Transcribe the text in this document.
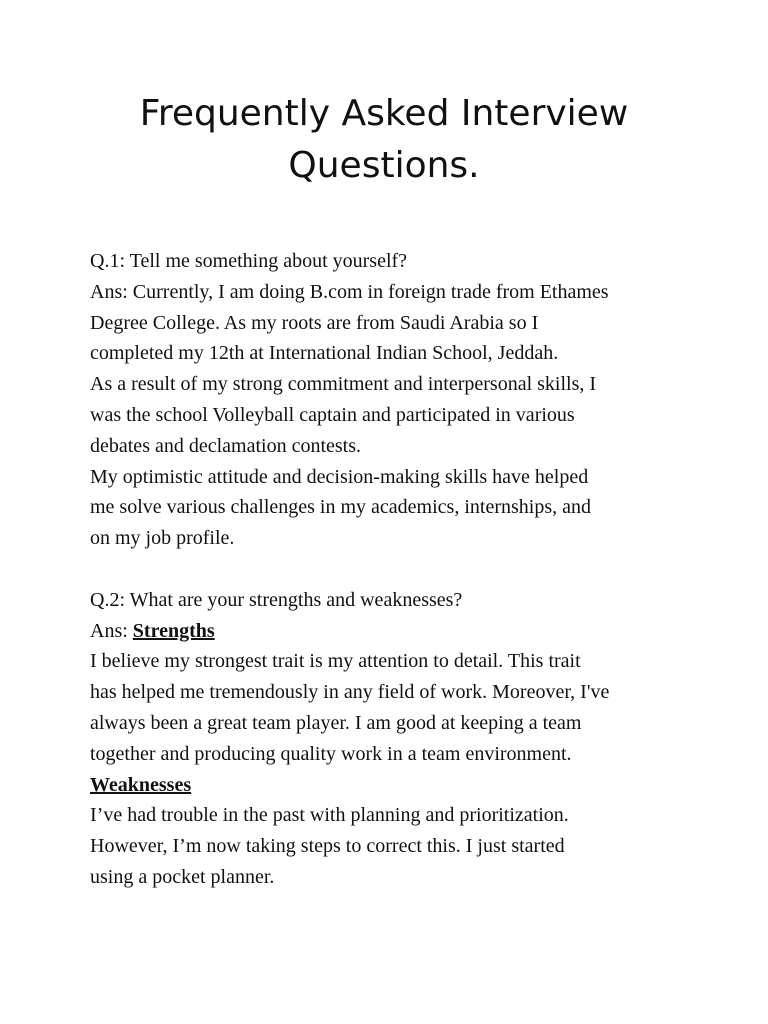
Frequently Asked Interview
Questions.
Q.1: Tell me something about yourself?
Ans: Currently, I am doing B.com in foreign trade from Ethames
Degree College. As my roots are from Saudi Arabia so I
completed my 12th at International Indian School, Jeddah.
As a result of my strong commitment and interpersonal skills, I
was the school Volleyball captain and participated in various
debates and declamation contests.
My optimistic attitude and decision-making skills have helped
me solve various challenges in my academics, internships, and
on my job profile.
Q.2: What are your strengths and weaknesses?
Ans: Strengths
I believe my strongest trait is my attention to detail. This trait
has helped me tremendously in any field of work. Moreover, I've
always been a great team player. I am good at keeping a team
together and producing quality work in a team environment.
Weaknesses
I’ve had trouble in the past with planning and prioritization.
However, I’m now taking steps to correct this. I just started
using a pocket planner.
